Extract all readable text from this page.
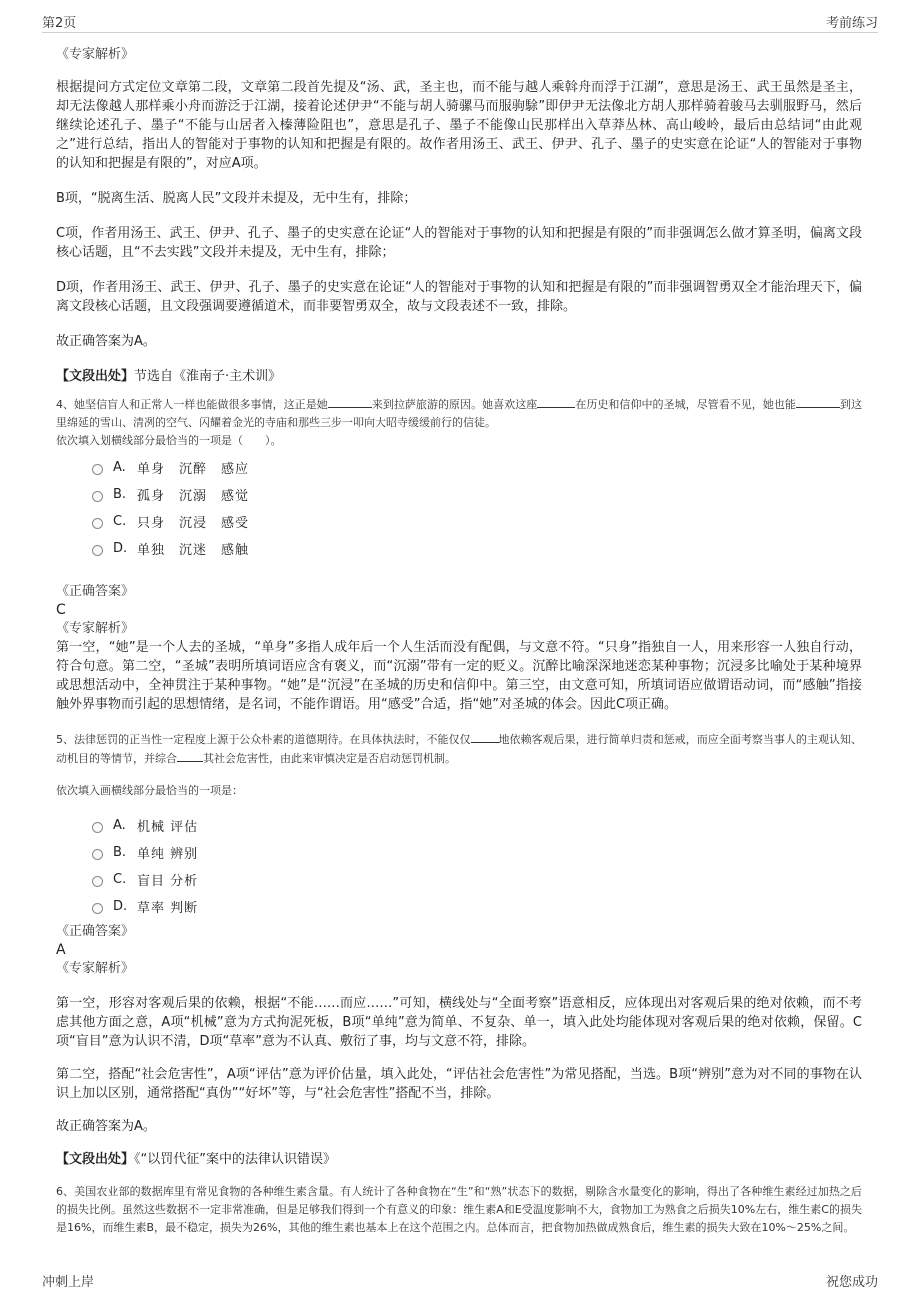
第2页	考前练习
《专家解析》

根据提问方式定位文章第二段，文章第二段首先提及“汤、武，圣主也，而不能与越人乘斡舟而浮于江湖”，意思是汤王、武王虽然是圣主，却无法像越人那样乘小舟而游泛于江湖，接着论述伊尹“不能与胡人骑骡马而服驹駼”即伊尹无法像北方胡人那样骑着骏马去驯服野马，然后继续论述孔子、墨子“不能与山居者入榛薄险阻也”，意思是孔子、墨子不能像山民那样出入草莽丛林、高山峻岭，最后由总结词“由此观之”进行总结，指出人的智能对于事物的认知和把握是有限的。故作者用汤王、武王、伊尹、孔子、墨子的史实意在论证“人的智能对于事物的认知和把握是有限的”，对应A项。

B项，“脱离生活、脱离人民”文段并未提及，无中生有，排除；

C项，作者用汤王、武王、伊尹、孔子、墨子的史实意在论证“人的智能对于事物的认知和把握是有限的”而非强调怎么做才算圣明，偏离文段核心话题，且“不去实践”文段并未提及，无中生有，排除；

D项，作者用汤王、武王、伊尹、孔子、墨子的史实意在论证“人的智能对于事物的认知和把握是有限的”而非强调智勇双全才能治理天下，偏离文段核心话题，且文段强调要遵循道术，而非要智勇双全，故与文段表述不一致，排除。

故正确答案为A。

【文段出处】节选自《淮南子·主术训》

4、她坚信盲人和正常人一样也能做很多事情，这正是她	来到拉萨旅游的原因。她喜欢这座	在历史和信仰中的圣城，尽管看不见，她也能	到这里绵延的雪山、清冽的空气、闪耀着金光的寺庙和那些三步一叩向大昭寺缓缓前行的信徒。

依次填入划横线部分最恰当的一项是（　　）。

A. 单身　沉醉　感应
B. 孤身　沉溺　感觉
C. 只身　沉浸　感受
D. 单独　沉迷　感触
《正确答案》
C
《专家解析》

第一空，“她”是一个人去的圣城，“单身”多指人成年后一个人生活而没有配偶，与文意不符。“只身”指独自一人，用来形容一人独自行动，符合句意。第二空，“圣城”表明所填词语应含有褒义，而“沉溺”带有一定的贬义。沉醉比喻深深地迷恋某种事物；沉浸多比喻处于某种境界或思想活动中，全神贯注于某种事物。“她”是“沉浸”在圣城的历史和信仰中。第三空，由文意可知，所填词语应做谓语动词，而“感触”指接触外界事物而引起的思想情绪，是名词，不能作谓语。用“感受”合适，指“她”对圣城的体会。因此C项正确。

5、法律惩罚的正当性一定程度上源于公众朴素的道德期待。在具体执法时，不能仅仅	地依赖客观后果，进行简单归责和惩戒，而应全面考察当事人的主观认知、动机目的等情节，并综合 其社会危害性，由此来审慎决定是否启动惩罚机制。

依次填入画横线部分最恰当的一项是：

A. 机械 评估
B. 单纯 辨别
C. 盲目 分析
D. 草率 判断
《正确答案》
A
《专家解析》

第一空，形容对客观后果的依赖，根据“不能……而应……”可知，横线处与“全面考察”语意相反，应体现出对客观后果的绝对依赖，而不考虑其他方面之意，A项“机械”意为方式拘泥死板，B项“单纯”意为简单、不复杂、单一，填入此处均能体现对客观后果的绝对依赖，保留。C项“盲目”意为认识不清，D项“草率”意为不认真、敷衍了事，均与文意不符，排除。

第二空，搭配“社会危害性”，A项“评估”意为评价估量，填入此处，“评估社会危害性”为常见搭配，当选。B项“辨别”意为对不同的事物在认识上加以区别，通常搭配“真伪”“好坏”等，与“社会危害性”搭配不当，排除。

故正确答案为A。

【文段出处】《“以罚代征”案中的法律认识错误》

6、美国农业部的数据库里有常见食物的各种维生素含量。有人统计了各种食物在“生”和“熟”状态下的数据，剔除含水量变化的影响，得出了各种维生素经过加热之后的损失比例。虽然这些数据不一定非常准确，但是足够我们得到一个有意义的印象：维生素A和E受温度影响不大，食物加工为熟食之后损失10%左右，维生素C的损失是16%，而维生素B，最不稳定，损失为26%，其他的维生素也基本上在这个范围之内。总体而言，把食物加热做成熟食后，维生素的损失大致在10%～25%之间。

冲刺上岸	祝您成功
